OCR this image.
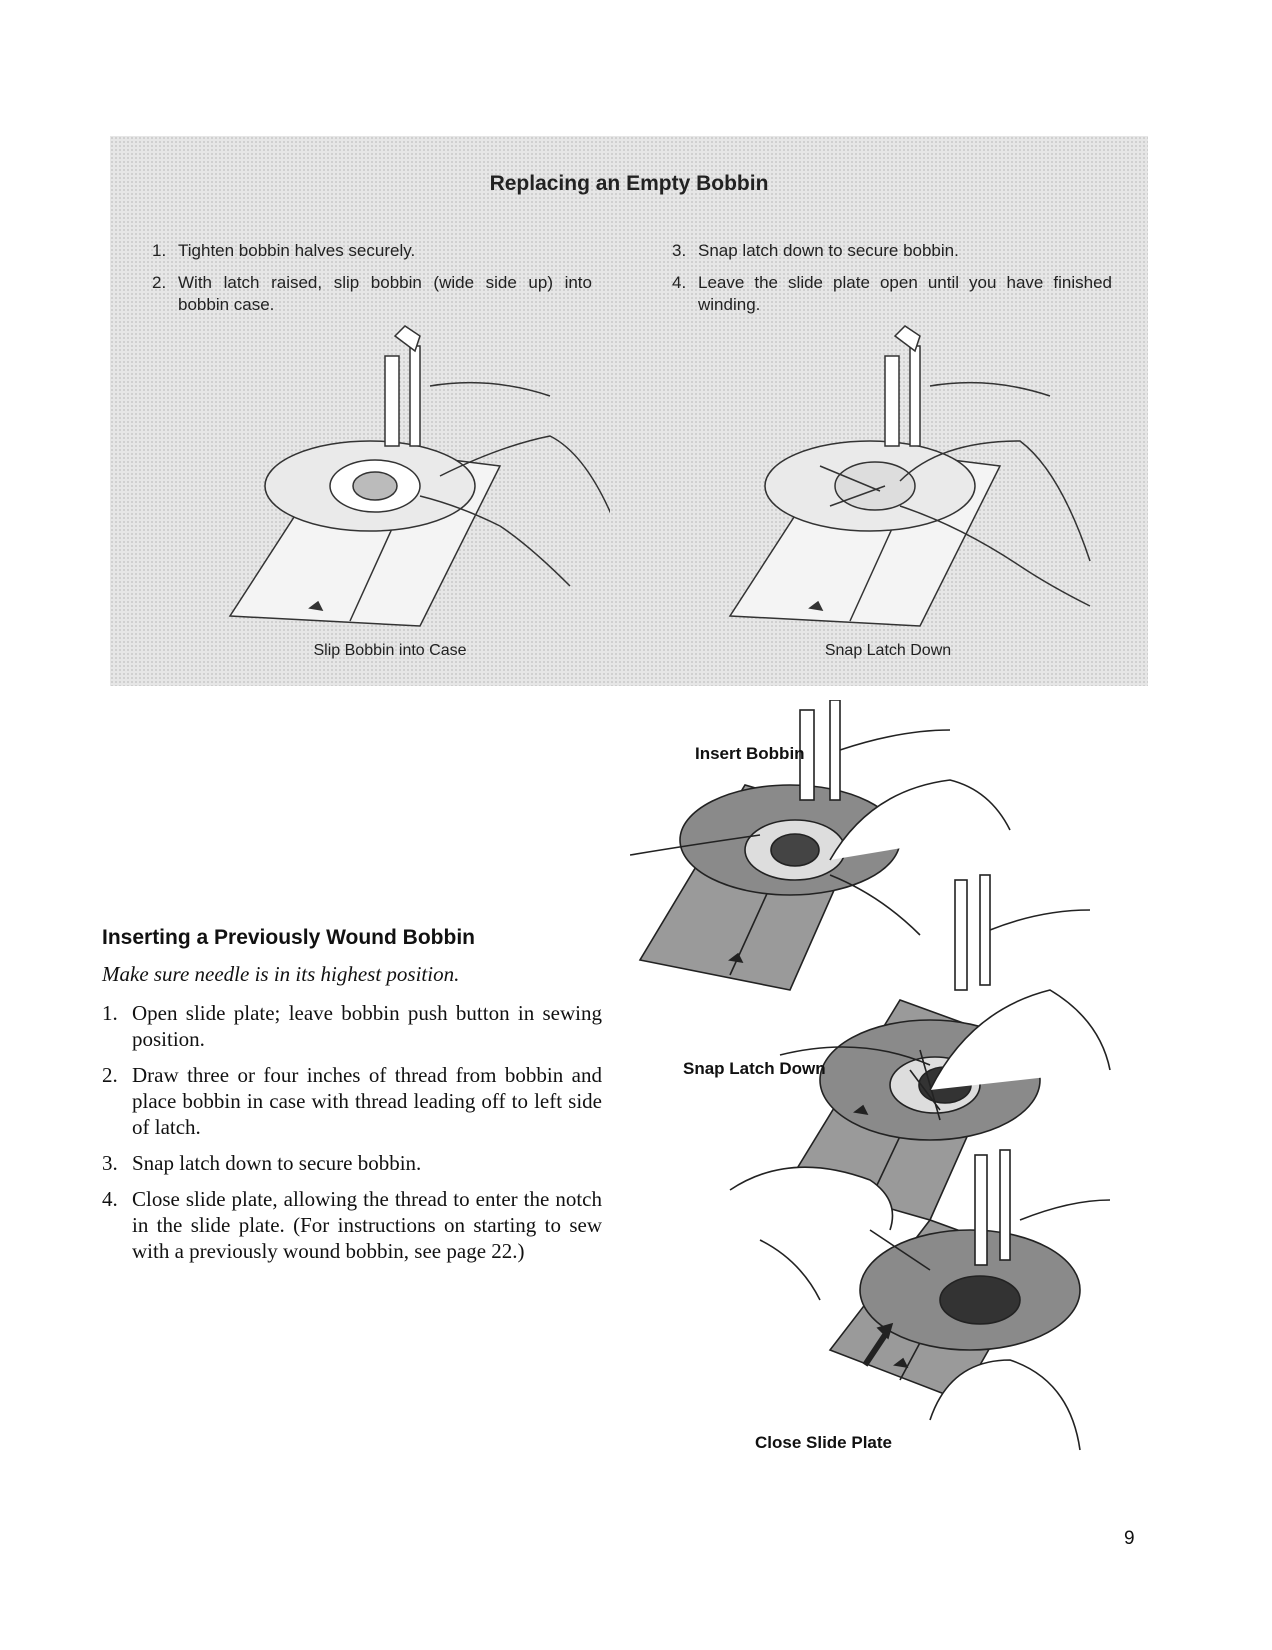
Replacing an Empty Bobbin
1. Tighten bobbin halves securely.
2. With latch raised, slip bobbin (wide side up) into bobbin case.
3. Snap latch down to secure bobbin.
4. Leave the slide plate open until you have finished winding.
Slip Bobbin into Case	Snap Latch Down
Inserting a Previously Wound Bobbin
Make sure needle is in its highest position.
1. Open slide plate; leave bobbin push button in sewing position.
2. Draw three or four inches of thread from bobbin and place bobbin in case with thread leading off to left side of latch.
3. Snap latch down to secure bobbin.
4. Close slide plate, allowing the thread to enter the notch in the slide plate. (For instructions on starting to sew with a previously wound bobbin, see page 22.)
Insert Bobbin
Snap Latch Down
Close Slide Plate
9
